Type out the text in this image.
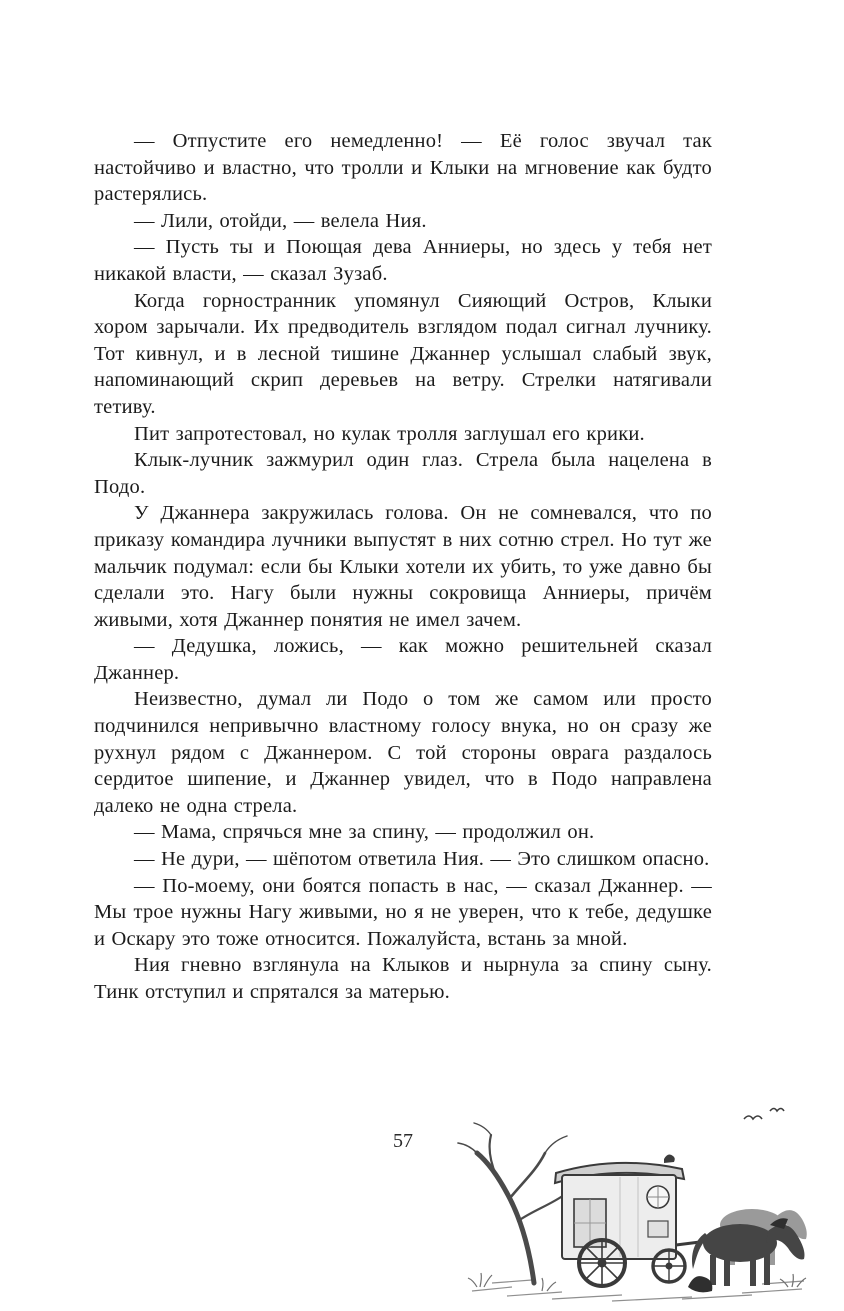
— Отпустите его немедленно! — Её голос звучал так настойчиво и властно, что тролли и Клыки на мгновение как будто растерялись.

— Лили, отойди, — велела Ния.

— Пусть ты и Поющая дева Анниеры, но здесь у тебя нет никакой власти, — сказал Зузаб.

Когда горностранник упомянул Сияющий Остров, Клыки хором зарычали. Их предводитель взглядом подал сигнал лучнику. Тот кивнул, и в лесной тишине Джаннер услышал слабый звук, напоминающий скрип деревьев на ветру. Стрелки натягивали тетиву.

Пит запротестовал, но кулак тролля заглушал его крики.

Клык-лучник зажмурил один глаз. Стрела была нацелена в Подо.

У Джаннера закружилась голова. Он не сомневался, что по приказу командира лучники выпустят в них сотню стрел. Но тут же мальчик подумал: если бы Клыки хотели их убить, то уже давно бы сделали это. Нагу были нужны сокровища Анниеры, причём живыми, хотя Джаннер понятия не имел зачем.

— Дедушка, ложись, — как можно решительней сказал Джаннер.

Неизвестно, думал ли Подо о том же самом или просто подчинился непривычно властному голосу внука, но он сразу же рухнул рядом с Джаннером. С той стороны оврага раздалось сердитое шипение, и Джаннер увидел, что в Подо направлена далеко не одна стрела.

— Мама, спрячься мне за спину, — продолжил он.

— Не дури, — шёпотом ответила Ния. — Это слишком опасно.

— По-моему, они боятся попасть в нас, — сказал Джаннер. — Мы трое нужны Нагу живыми, но я не уверен, что к тебе, дедушке и Оскару это тоже относится. Пожалуйста, встань за мной.

Ния гневно взглянула на Клыков и нырнула за спину сыну. Тинк отступил и спрятался за матерью.

57
